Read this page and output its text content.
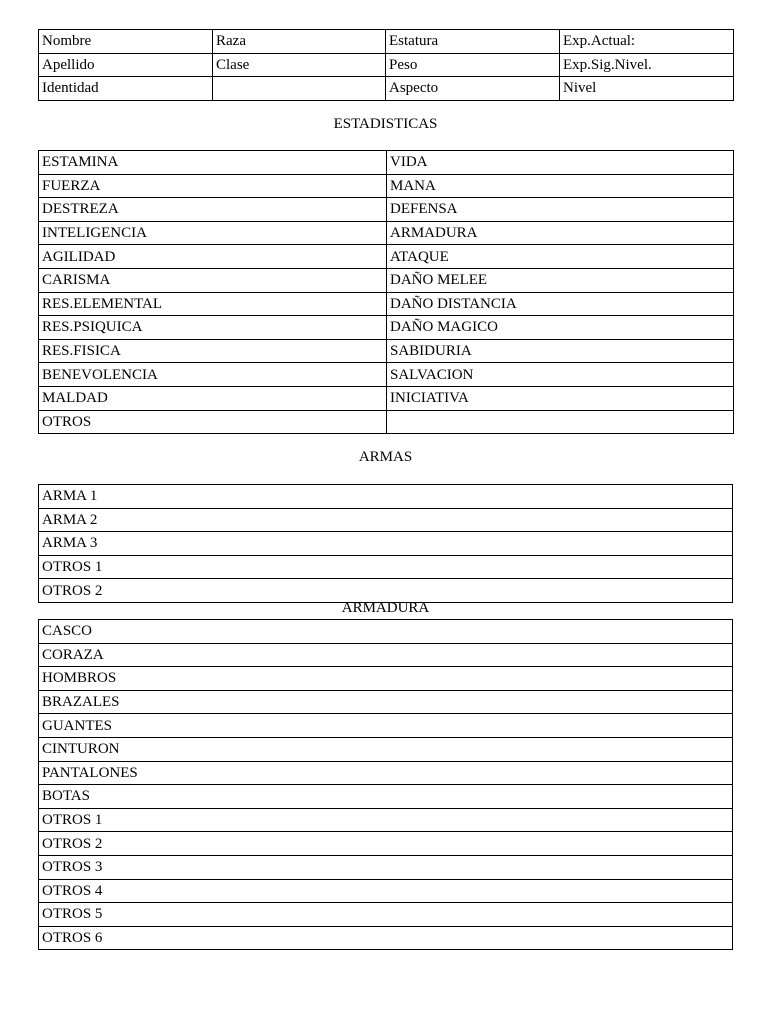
Nombre	Raza	Estatura	Exp.Actual:
Apellido	Clase	Peso	Exp.Sig.Nivel.
Identidad		Aspecto	Nivel
ESTADISTICAS
ESTAMINA	VIDA
FUERZA	MANA
DESTREZA	DEFENSA
INTELIGENCIA	ARMADURA
AGILIDAD	ATAQUE
CARISMA	DAÑO MELEE
RES.ELEMENTAL	DAÑO DISTANCIA
RES.PSIQUICA	DAÑO MAGICO
RES.FISICA	SABIDURIA
BENEVOLENCIA	SALVACION
MALDAD	INICIATIVA
OTROS	
ARMAS
ARMA 1
ARMA 2
ARMA 3
OTROS 1
OTROS 2
ARMADURA
CASCO
CORAZA
HOMBROS
BRAZALES
GUANTES
CINTURON
PANTALONES
BOTAS
OTROS 1
OTROS 2
OTROS 3
OTROS 4
OTROS 5
OTROS 6
